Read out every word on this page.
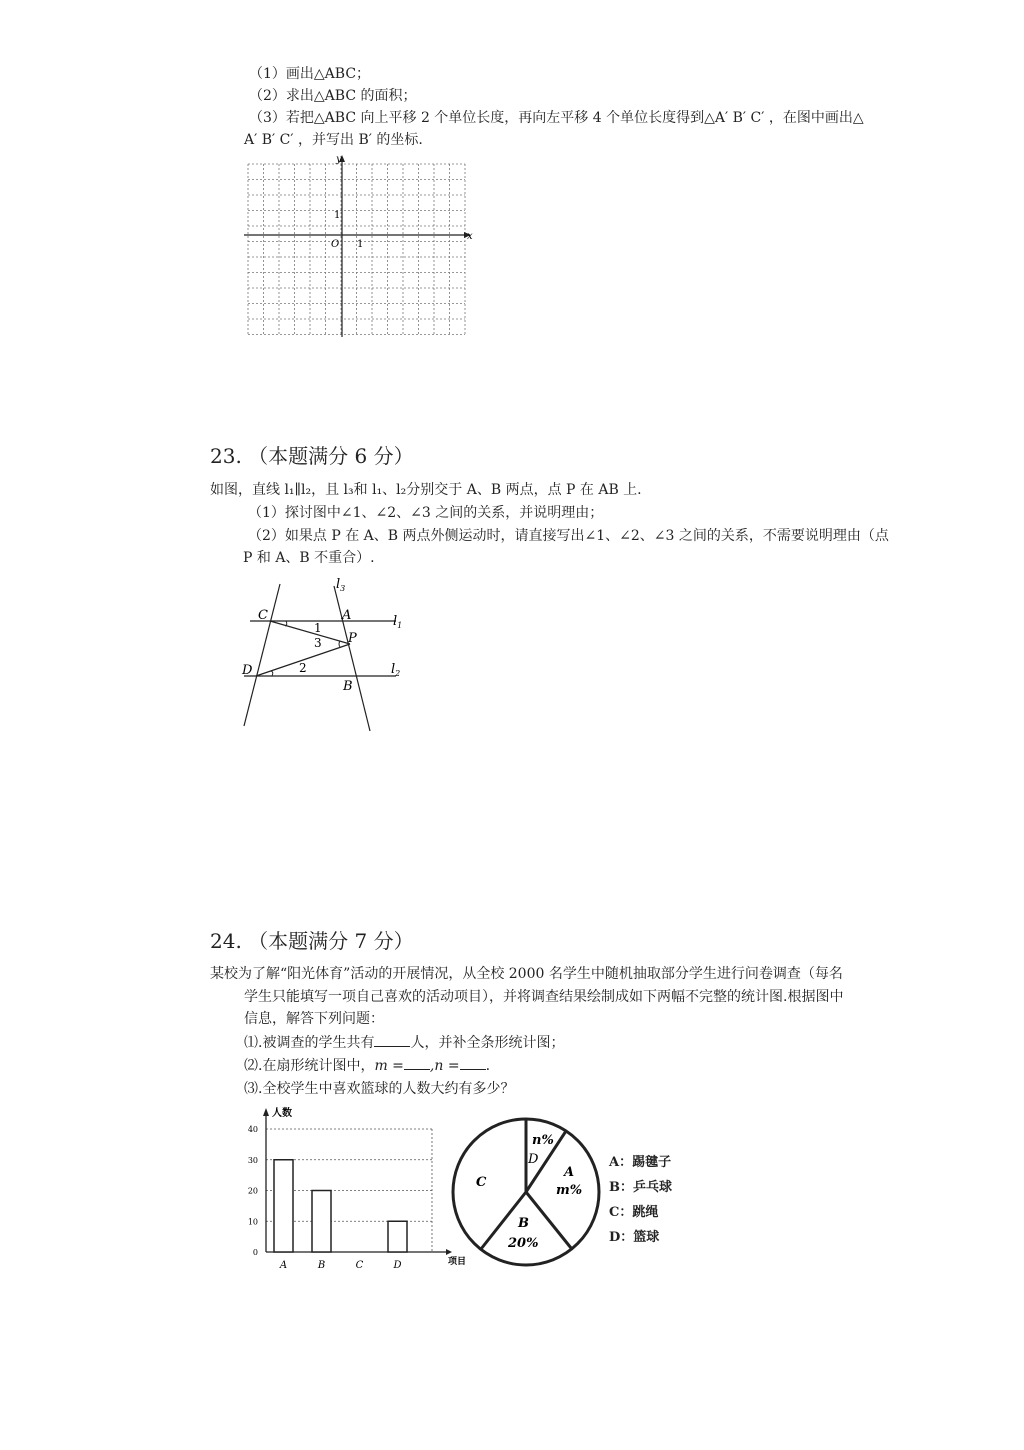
（1）画出△ABC；
（2）求出△ABC 的面积；
（3）若把△ABC 向上平移 2 个单位长度，再向左平移 4 个单位长度得到△A′ B′ C′ ，在图中画出△
A′ B′ C′ ，并写出 B′ 的坐标.
x
y
O 1
1
23. （本题满分 6 分）
如图，直线 l₁∥l₂，且 l₃和 l₁、l₂分别交于 A、B 两点，点 P 在 AB 上.
（1）探讨图中∠1、∠2、∠3 之间的关系，并说明理由；
（2）如果点 P 在 A、B 两点外侧运动时，请直接写出∠1、∠2、∠3 之间的关系，不需要说明理由（点
P 和 A、B 不重合）.
C	A
P
D
B
1
3
2
$l_1$
$l_2$
$l_3$
24. （本题满分 7 分）
某校为了解“阳光体育”活动的开展情况，从全校 2000 名学生中随机抽取部分学生进行问卷调查（每名
学生只能填写一项自己喜欢的活动项目），并将调查结果绘制成如下两幅不完整的统计图.根据图中
信息，解答下列问题：
⑴.被调查的学生共有	人，并补全条形统计图；
⑵.在扇形统计图中，m = ,n = .
⑶.全校学生中喜欢篮球的人数大约有多少？
0
10
20
30
40
人数
项目
A	B	C	D
n%
D
A
m%
C
B
20%
A：踢毽子
B：乒乓球
C：跳绳
D：篮球
